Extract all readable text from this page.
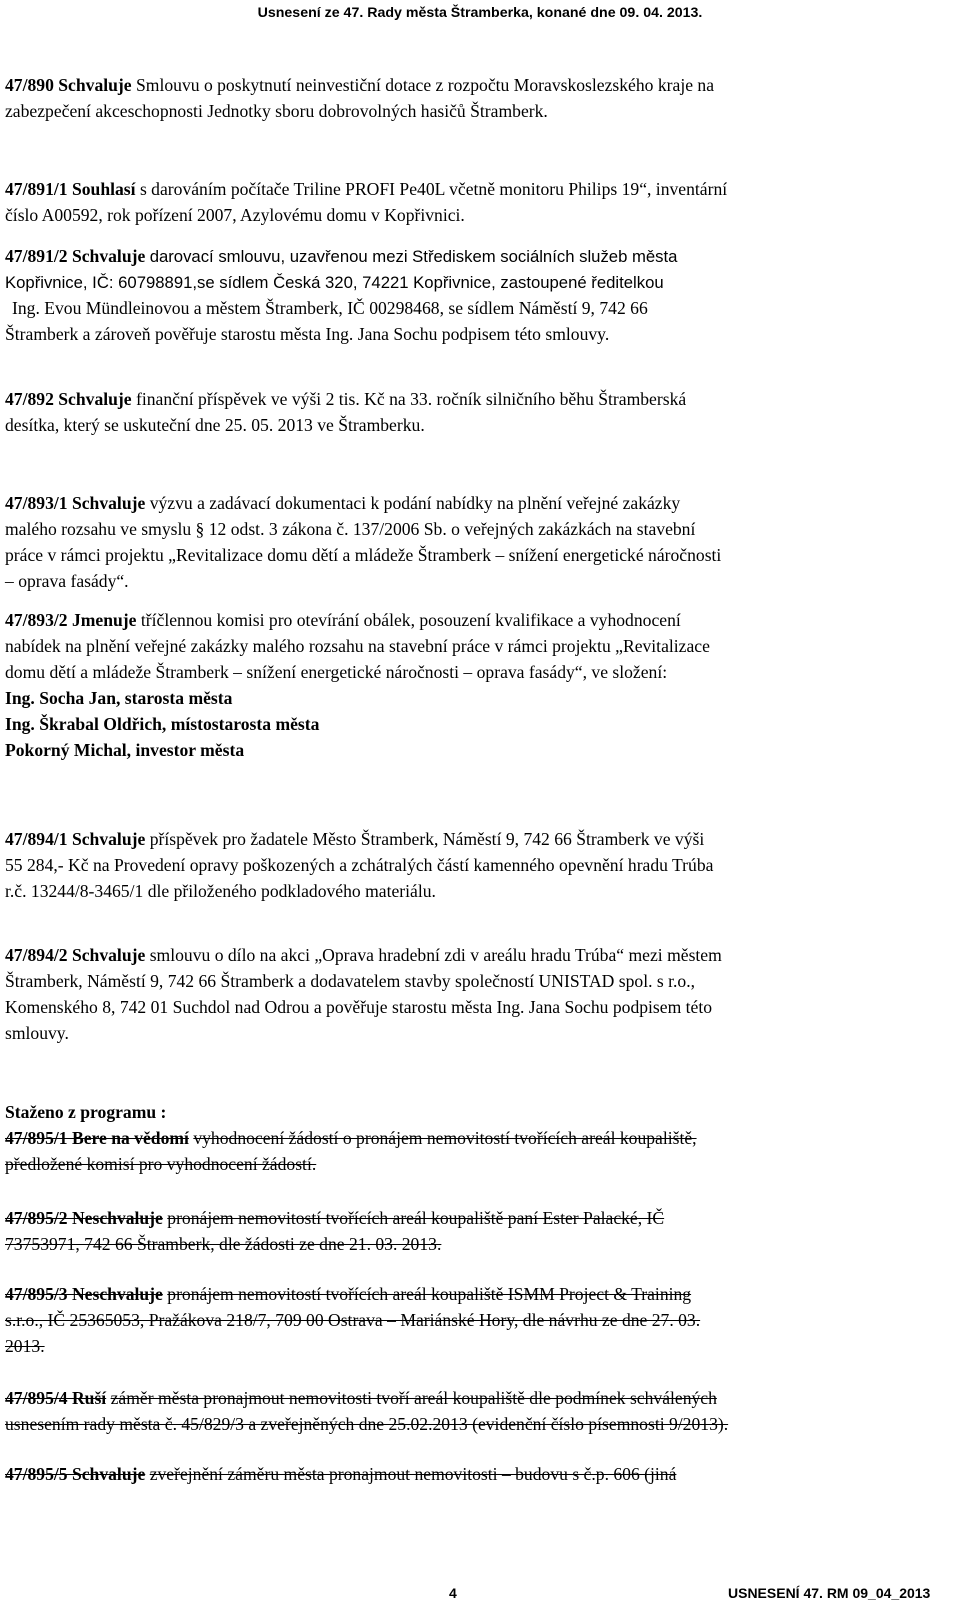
Usnesení ze 47. Rady města Štramberka, konané dne 09. 04. 2013.
47/890 Schvaluje Smlouvu o poskytnutí neinvestiční dotace z rozpočtu Moravskoslezského kraje na
zabezpečení akceschopnosti Jednotky sboru dobrovolných hasičů Štramberk.
47/891/1 Souhlasí s darováním počítače Triline PROFI Pe40L včetně monitoru Philips 19“, inventární
číslo A00592, rok pořízení 2007, Azylovému domu v Kopřivnici.
47/891/2 Schvaluje darovací smlouvu, uzavřenou mezi Střediskem sociálních služeb města
Kopřivnice, IČ: 60798891,se sídlem Česká 320, 74221 Kopřivnice, zastoupené ředitelkou
Ing. Evou Mündleinovou a městem Štramberk, IČ 00298468, se sídlem Náměstí 9, 742 66
Štramberk a zároveň pověřuje starostu města Ing. Jana Sochu podpisem této smlouvy.
47/892 Schvaluje finanční příspěvek ve výši 2 tis. Kč na 33. ročník silničního běhu Štramberská
desítka, který se uskuteční dne 25. 05. 2013 ve Štramberku.
47/893/1 Schvaluje výzvu a zadávací dokumentaci k podání nabídky na plnění veřejné zakázky
malého rozsahu ve smyslu § 12 odst. 3 zákona č. 137/2006 Sb. o veřejných zakázkách na stavební
práce v rámci projektu „Revitalizace domu dětí a mládeže Štramberk – snížení energetické náročnosti
– oprava fasády“.
47/893/2 Jmenuje tříčlennou komisi pro otevírání obálek, posouzení kvalifikace a vyhodnocení
nabídek na plnění veřejné zakázky malého rozsahu na stavební práce v rámci projektu „Revitalizace
domu dětí a mládeže Štramberk – snížení energetické náročnosti – oprava fasády“, ve složení:
Ing. Socha Jan, starosta města
Ing. Škrabal Oldřich, místostarosta města
Pokorný Michal, investor města
47/894/1 Schvaluje příspěvek pro žadatele Město Štramberk, Náměstí 9, 742 66 Štramberk ve výši
55 284,- Kč na Provedení opravy poškozených a zchátralých částí kamenného opevnění hradu Trúba
r.č. 13244/8-3465/1 dle přiloženého podkladového materiálu.
47/894/2 Schvaluje smlouvu o dílo na akci „Oprava hradební zdi v areálu hradu Trúba“ mezi městem
Štramberk, Náměstí 9, 742 66 Štramberk a dodavatelem stavby společností UNISTAD spol. s r.o.,
Komenského 8, 742 01 Suchdol nad Odrou a pověřuje starostu města Ing. Jana Sochu podpisem této
smlouvy.
Staženo z programu :
47/895/1 Bere na vědomí vyhodnocení žádostí o pronájem nemovitostí tvořících areál koupaliště,
předložené komisí pro vyhodnocení žádostí.
47/895/2 Neschvaluje pronájem nemovitostí tvořících areál koupaliště paní Ester Palacké, IČ
73753971, 742 66 Štramberk, dle žádosti ze dne 21. 03. 2013.
47/895/3 Neschvaluje pronájem nemovitostí tvořících areál koupaliště ISMM Project & Training
s.r.o., IČ 25365053, Pražákova 218/7, 709 00 Ostrava – Mariánské Hory, dle návrhu ze dne 27. 03.
2013.
47/895/4 Ruší záměr města pronajmout nemovitosti tvoří areál koupaliště dle podmínek schválených
usnesením rady města č. 45/829/3 a zveřejněných dne 25.02.2013 (evidenční číslo písemnosti 9/2013).
47/895/5 Schvaluje zveřejnění záměru města pronajmout nemovitosti – budovu s č.p. 606 (jiná
4	USNESENÍ 47. RM 09_04_2013
